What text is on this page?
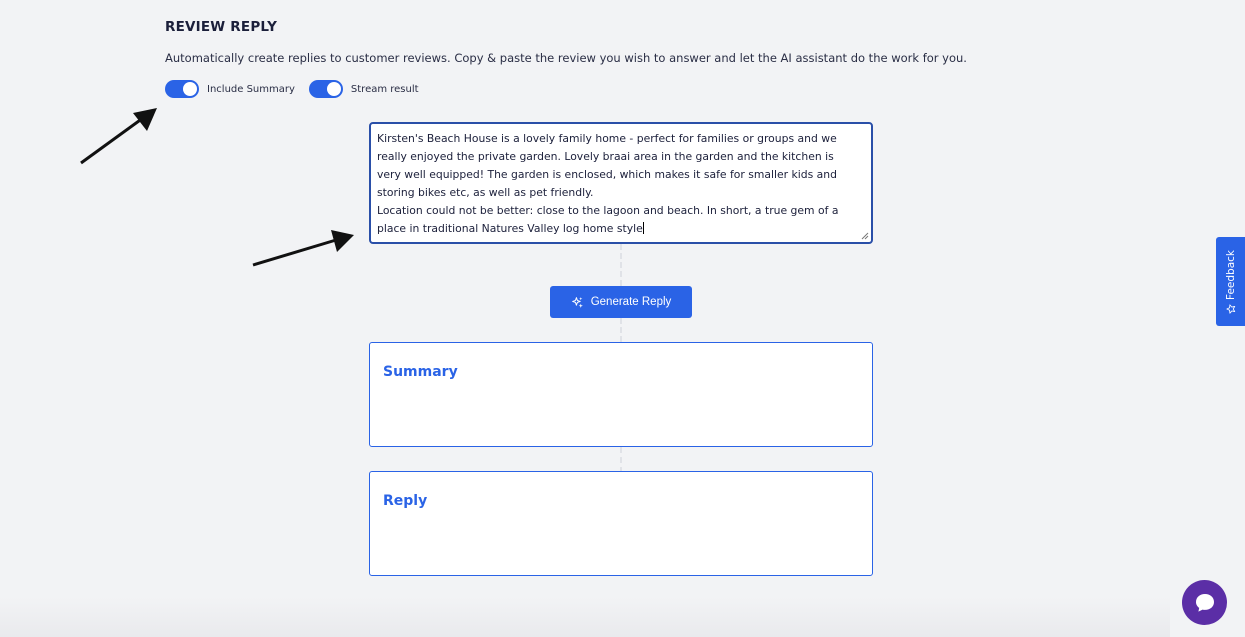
REVIEW REPLY
Automatically create replies to customer reviews. Copy & paste the review you wish to answer and let the AI assistant do the work for you.
Include Summary	Stream result
Kirsten's Beach House is a lovely family home - perfect for families or groups and we really enjoyed the private garden. Lovely braai area in the garden and the kitchen is very well equipped! The garden is enclosed, which makes it safe for smaller kids and storing bikes etc, as well as pet friendly.
Location could not be better: close to the lagoon and beach. In short, a true gem of a place in traditional Natures Valley log home style
Generate Reply
Summary
Reply
Feedback
